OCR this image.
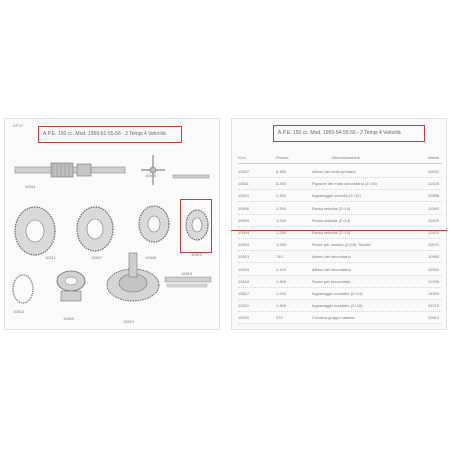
AP.VI
10511
10511	10507	10508
10510
10513
10509
10510
10575
10519
A.P.E. 150 cc. Mod. 1959-61-55-56 - 2 Tempi 4 Velocità
N.ro	Prezzo	Denominazione	Valore
10507	6.450	Albero del moto primario	11540
10511	6.450	Pignone del moto secondario (Z=16)	11425
10510	2.300	Ingranaggio velocità (Z=14)	10958
10506	1.300	Ruota velocità (Z=14)	11340
10509	1.200	Ruota velocità (Z=14)	11400
10504	1.250	Ruota velocità (Z=14)	11420
10593	1.250	Ruote per cambio (Z=16) 'Sciolte'	11570
10513	740	Albero del secondario	10965
10518	4.100	Albero del secondario	11340
10516	1.300	Ruote per secondario	10765
10517	1.200	Ingranaggio condotto (Z=14)	14500
10521	1.300	Ingranaggio condotto (Z=16)	43710
10520	370	Crociera gruppo cambio	10510
A.P.E. 150 cc. Mod. 1959-54-55-56 - 2 Tempi 4 Velocità
